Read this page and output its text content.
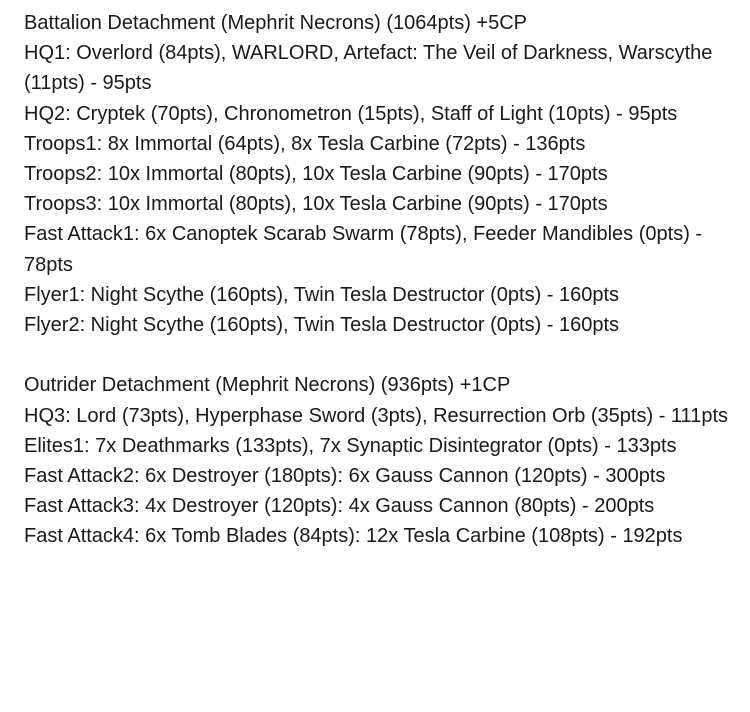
Battalion Detachment (Mephrit Necrons) (1064pts) +5CP
HQ1: Overlord (84pts), WARLORD, Artefact: The Veil of Darkness, Warscythe (11pts) - 95pts
HQ2: Cryptek (70pts), Chronometron (15pts), Staff of Light (10pts) - 95pts
Troops1: 8x Immortal (64pts), 8x Tesla Carbine (72pts) - 136pts
Troops2: 10x Immortal (80pts), 10x Tesla Carbine (90pts) - 170pts
Troops3: 10x Immortal (80pts), 10x Tesla Carbine (90pts) - 170pts
Fast Attack1: 6x Canoptek Scarab Swarm (78pts), Feeder Mandibles (0pts) - 78pts
Flyer1: Night Scythe (160pts), Twin Tesla Destructor (0pts) - 160pts
Flyer2: Night Scythe (160pts), Twin Tesla Destructor (0pts) - 160pts
Outrider Detachment (Mephrit Necrons) (936pts) +1CP
HQ3: Lord (73pts), Hyperphase Sword (3pts), Resurrection Orb (35pts) - 111pts
Elites1: 7x Deathmarks (133pts), 7x Synaptic Disintegrator (0pts) - 133pts
Fast Attack2: 6x Destroyer (180pts): 6x Gauss Cannon (120pts) - 300pts
Fast Attack3: 4x Destroyer (120pts): 4x Gauss Cannon (80pts) - 200pts
Fast Attack4: 6x Tomb Blades (84pts): 12x Tesla Carbine (108pts) - 192pts
